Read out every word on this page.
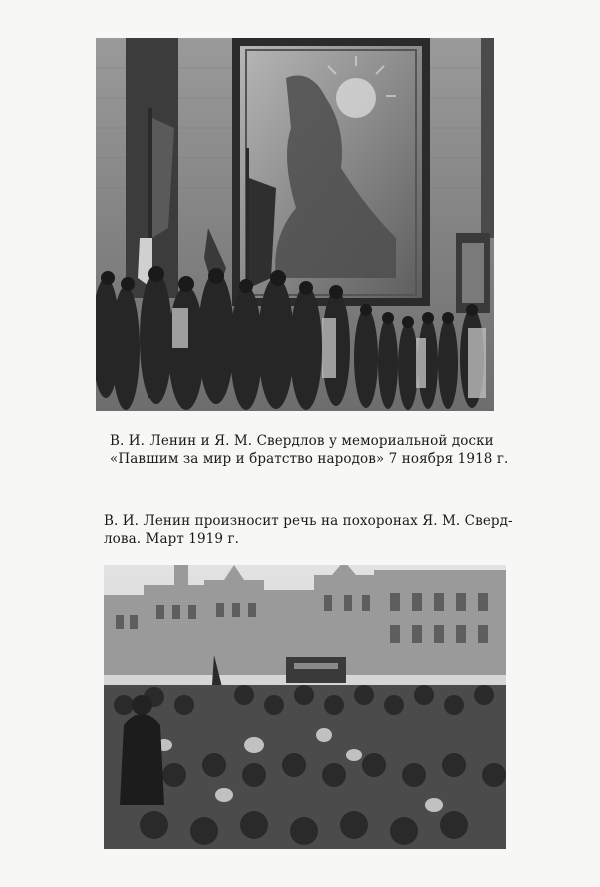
В. И. Ленин и Я. М. Свердлов у мемориальной доски
«Павшим за мир и братство народов» 7 ноября 1918 г.
В. И. Ленин произносит речь на похоронах Я. М. Сверд-
лова. Март 1919 г.
